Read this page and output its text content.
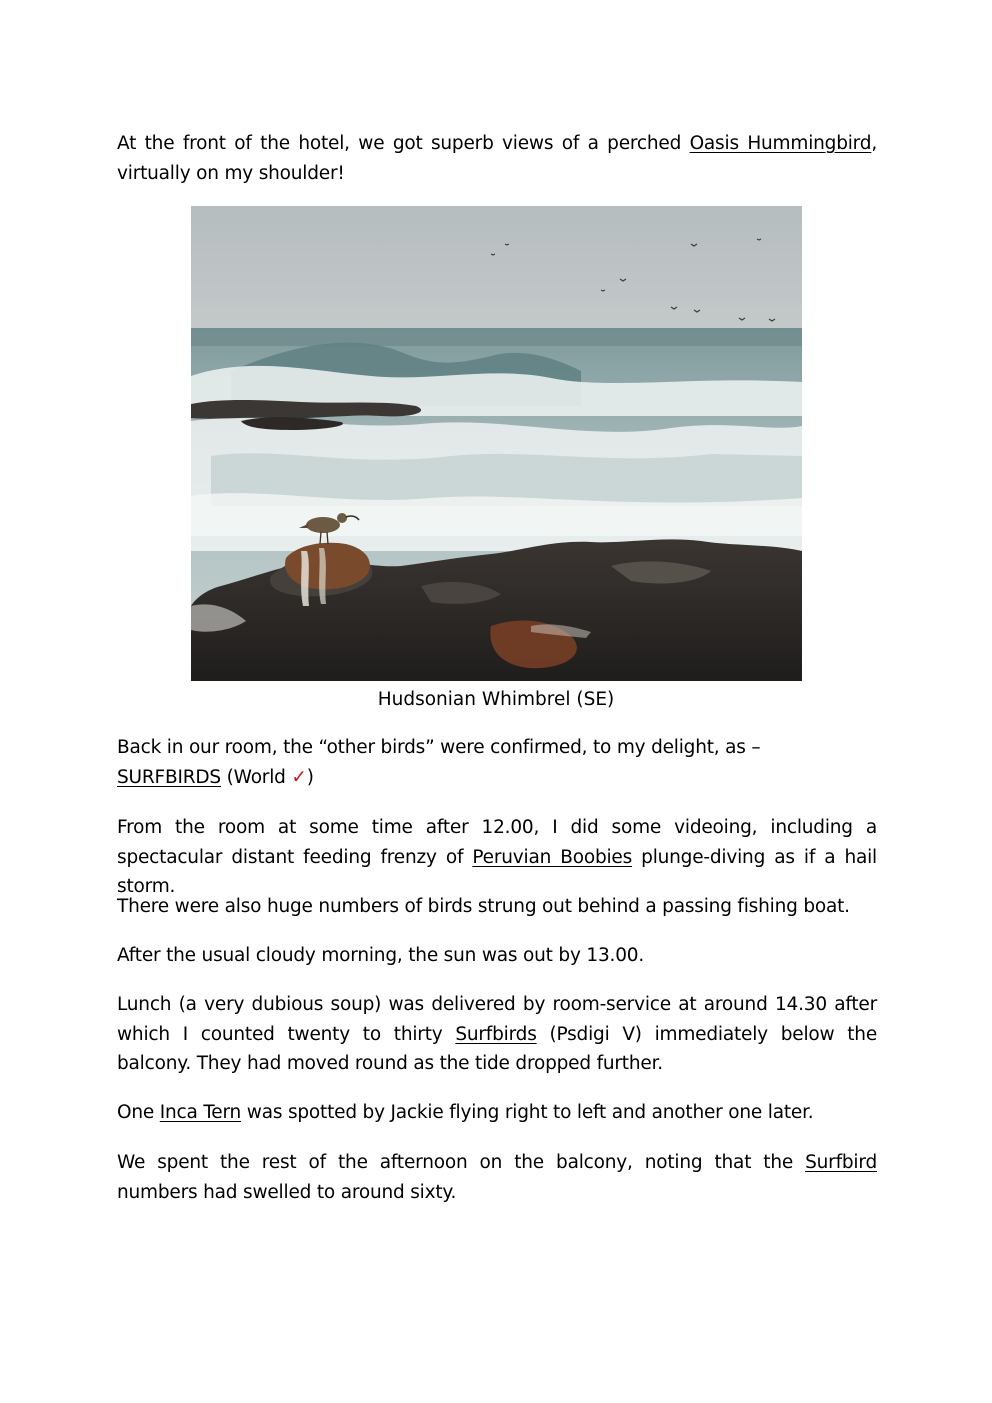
At the front of the hotel, we got superb views of a perched Oasis Hummingbird, virtually on my shoulder!

Back in our room, the “other birds” were confirmed, to my delight, as –
SURFBIRDS (World ✓)

From the room at some time after 12.00, I did some videoing, including a spectacular distant feeding frenzy of Peruvian Boobies plunge-diving as if a hail storm.

There were also huge numbers of birds strung out behind a passing fishing boat.

After the usual cloudy morning, the sun was out by 13.00.

Lunch (a very dubious soup) was delivered by room-service at around 14.30 after which I counted twenty to thirty Surfbirds (Psdigi V) immediately below the balcony. They had moved round as the tide dropped further.

One Inca Tern was spotted by Jackie flying right to left and another one later.

We spent the rest of the afternoon on the balcony, noting that the Surfbird numbers had swelled to around sixty.

Hudsonian Whimbrel (SE)
